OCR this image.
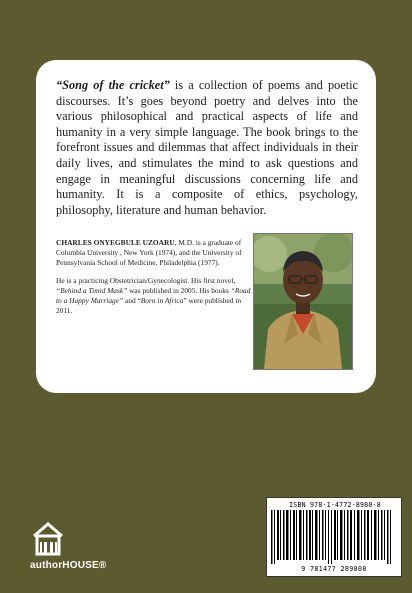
“Song of the cricket” is a collection of poems and poetic discourses. It’s goes beyond poetry and delves into the various philosophical and practical aspects of life and humanity in a very simple language. The book brings to the forefront issues and dilemmas that affect individuals in their daily lives, and stimulates the mind to ask questions and engage in meaningful discussions concerning life and humanity. It is a composite of ethics, psychology, philosophy, literature and human behavior.

CHARLES ONYEGBULE UZOARU, M.D. is a graduate of Columbia University , New York (1974), and the University of Pennsylvania School of Medicine, Philadelphia (1977).

He is a practicing Obstetrician/Gynecologist. His first novel, “Behind a Timid Mask” was published in 2005. His books “Road to a Happy Marriage” and “Born in Africa” were published in 2011.

authorHOUSE®
ISBN 978-1-4772-8980-8
9 781477 289808
